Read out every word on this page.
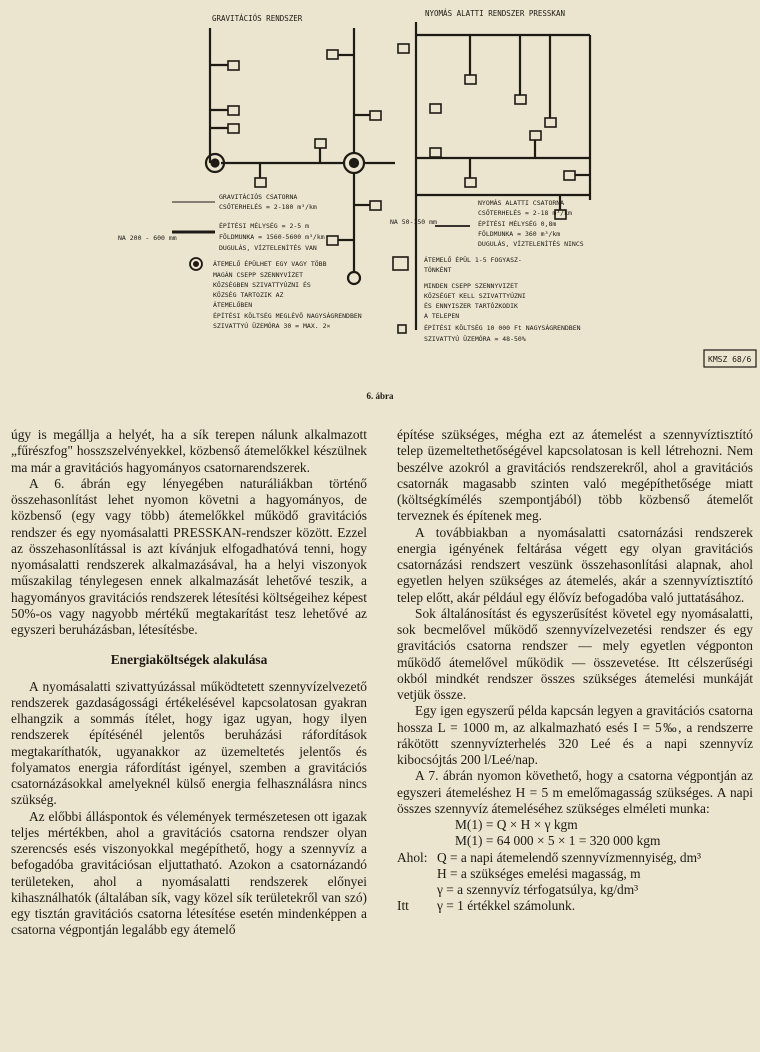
GRAVITÁCIÓS RENDSZER
NYOMÁS ALATTI RENDSZER PRESSKAN
GRAVITÁCIÓS CSATORNA
CSŐTERHELÉS = 2-180 m³/km
ÉPÍTÉSI MÉLYSÉG = 2-5 m
FÖLDMUNKA = 1560-5600 m³/km
DUGULÁS, VÍZTELENÍTÉS VAN
ÁTEMELŐ ÉPÜLHET EGY VAGY TÖBB
MAGÁN CSEPP SZENNYVÍZET
KÖZSÉGBEN SZIVATTYÚZNI ÉS
KÖZSÉG TARTOZIK AZ
ÁTEMELŐBEN
ÉPÍTÉSI KÖLTSÉG MEGLÉVŐ NAGYSÁGRENDBEN
SZIVATTYÚ ÜZEMÓRA 30 = MAX. 2×
NA 200 - 600 mm
NYOMÁS ALATTI CSATORNA
CSŐTERHELÉS = 2-18 m³/km
ÉPÍTÉSI MÉLYSÉG 0,8m
FÖLDMUNKA = 360 m³/km
DUGULÁS, VÍZTELENÍTÉS NINCS
ÁTEMELŐ ÉPÜL 1-5 FOGYASZ-
TÓNKÉNT
MINDEN CSEPP SZENNYVIZET
KÖZSÉGET KELL SZIVATTYÚZNI
ÉS ENNYISZER TARTÓZKODIK
A TELEPEN
ÉPÍTÉSI KÖLTSÉG 10 000 Ft NAGYSÁGRENDBEN
SZIVATTYÚ ÜZEMÓRA = 48-50%
NA 50-150 mm
KMSZ 68/6
6. ábra

úgy is megállja a helyét, ha a sík terepen nálunk alkalmazott „fűrészfog" hosszszelvényekkel, közbenső átemelőkkel készülnek ma már a gravitációs hagyományos csatornarendszerek.

A 6. ábrán egy lényegében naturáliákban történő összehasonlítást lehet nyomon követni a hagyományos, de közbenső (egy vagy több) átemelőkkel működő gravitációs rendszer és egy nyomásalatti PRESSKAN-rendszer között. Ezzel az összehasonlítással is azt kívánjuk elfogadhatóvá tenni, hogy nyomásalatti rendszerek alkalmazásával, ha a helyi viszonyok műszakilag ténylegesen ennek alkalmazását lehetővé teszik, a hagyományos gravitációs rendszerek létesítési költségeihez képest 50%-os vagy nagyobb mértékű megtakarítást tesz lehetővé az egyszeri beruházásban, létesítésbe.

Energiaköltségek alakulása

A nyomásalatti szivattyúzással működtetett szennyvízelvezető rendszerek gazdaságossági értékelésével kapcsolatosan gyakran elhangzik a sommás ítélet, hogy igaz ugyan, hogy ilyen rendszerek építésénél jelentős beruházási ráfordítások megtakaríthatók, ugyanakkor az üzemeltetés jelentős és folyamatos energia ráfordítást igényel, szemben a gravitációs csatornázásokkal amelyeknél külső energia felhasználásra nincs szükség.

Az előbbi álláspontok és vélemények természetesen ott igazak teljes mértékben, ahol a gravitációs csatorna rendszer olyan szerencsés esés viszonyokkal megépíthető, hogy a szennyvíz a befogadóba gravitációsan eljuttatható. Azokon a csatornázandó területeken, ahol a nyomásalatti rendszerek előnyei kihasználhatók (általában sík, vagy közel sík területekről van szó) egy tisztán gravitációs csatorna létesítése esetén mindenképpen a csatorna végpontján legalább egy átemelő

építése szükséges, mégha ezt az átemelést a szennyvíztisztító telep üzemeltethetőségével kapcsolatosan is kell létrehozni. Nem beszélve azokról a gravitációs rendszerekről, ahol a gravitációs csatornák magasabb szinten való megépíthetősége miatt (költségkímélés szempontjából) több közbenső átemelőt terveznek és építenek meg.

A továbbiakban a nyomásalatti csatornázási rendszerek energia igényének feltárása végett egy olyan gravitációs csatornázási rendszert veszünk összehasonlítási alapnak, ahol egyetlen helyen szükséges az átemelés, akár a szennyvíztisztító telep előtt, akár például egy élővíz befogadóba való juttatásához.

Sok általánosítást és egyszerűsítést követel egy nyomásalatti, sok becmelővel működő szennyvízelvezetési rendszer és egy gravitációs csatorna rendszer — mely egyetlen végponton működő átemelővel működik — összevetése. Itt célszerűségi okból mindkét rendszer összes szükséges átemelési munkáját vetjük össze.

Egy igen egyszerű példa kapcsán legyen a gravitációs csatorna hossza L = 1000 m, az alkalmazható esés I = 5‰, a rendszerre rákötött szennyvízterhelés 320 Leé és a napi szennyvíz kibocsójtás 200 l/Leé/nap.

A 7. ábrán nyomon követhető, hogy a csatorna végpontján az egyszeri átemeléshez H = 5 m emelőmagasság szükséges. A napi összes szennyvíz átemeléséhez szükséges elméleti munka:

M(1) = Q × H × γ kgm

M(1) = 64 000 × 5 × 1 = 320 000 kgm

Ahol: Q = a napi átemelendő szennyvízmennyiség, dm³

H = a szükséges emelési magasság, m

γ = a szennyvíz térfogatsúlya, kg/dm³

Itt	γ = 1 értékkel számolunk.
